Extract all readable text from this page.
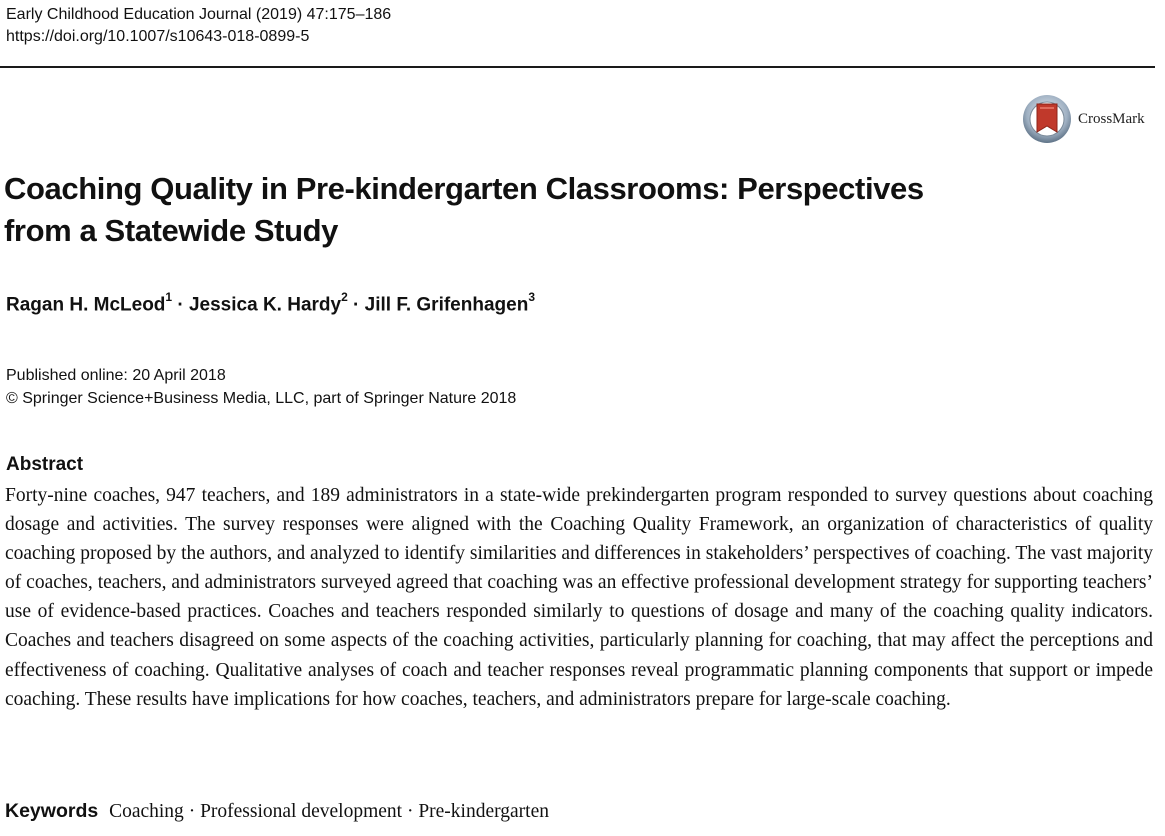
Early Childhood Education Journal (2019) 47:175–186
https://doi.org/10.1007/s10643-018-0899-5
CrossMark
Coaching Quality in Pre-kindergarten Classrooms: Perspectives
from a Statewide Study
Ragan H. McLeod$^1$ · Jessica K. Hardy$^2$ · Jill F. Grifenhagen$^3$
Published online: 20 April 2018
© Springer Science+Business Media, LLC, part of Springer Nature 2018
Abstract

Forty-nine coaches, 947 teachers, and 189 administrators in a state-wide prekindergarten program responded to survey questions about coaching dosage and activities. The survey responses were aligned with the Coaching Quality Framework, an organization of characteristics of quality coaching proposed by the authors, and analyzed to identify similarities and differences in stakeholders’ perspectives of coaching. The vast majority of coaches, teachers, and administrators surveyed agreed that coaching was an effective professional development strategy for supporting teachers’ use of evidence-based practices. Coaches and teachers responded similarly to questions of dosage and many of the coaching quality indicators. Coaches and teachers disagreed on some aspects of the coaching activities, particularly planning for coaching, that may affect the perceptions and effectiveness of coaching. Qualitative analyses of coach and teacher responses reveal programmatic planning components that support or impede coaching. These results have implications for how coaches, teachers, and administrators prepare for large-scale coaching.

Keywords Coaching · Professional development · Pre-kindergarten
